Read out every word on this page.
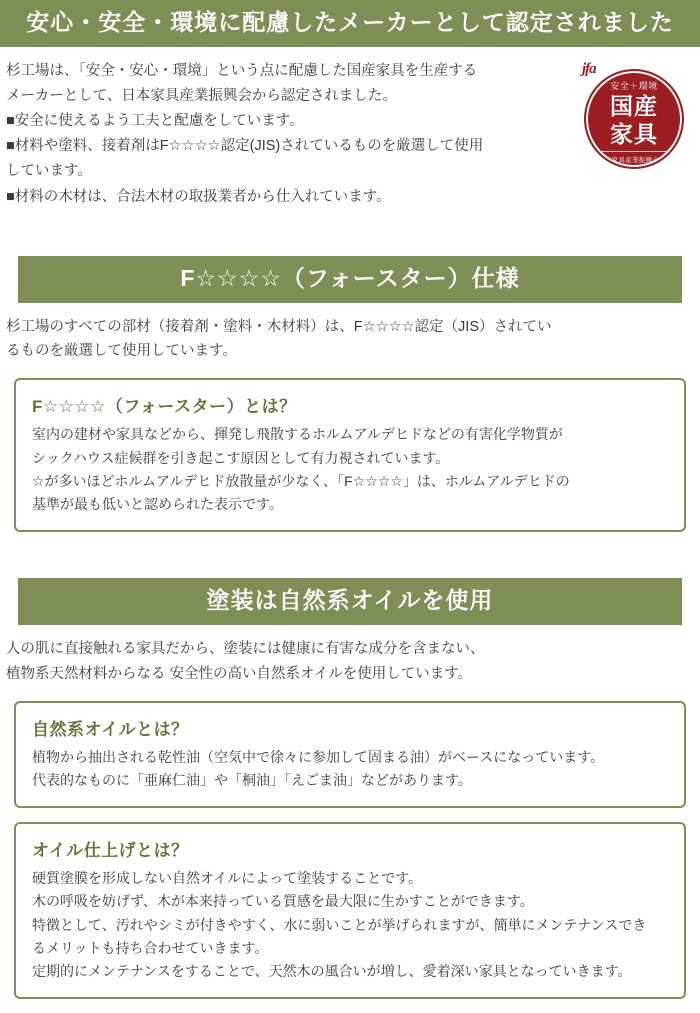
安心・安全・環境に配慮したメーカーとして認定されました

杉工場は、「安全・安心・環境」という点に配慮した国産家具を生産する

メーカーとして、日本家具産業振興会から認定されました。

■安全に使えるよう工夫と配慮をしています。

■材料や塗料、接着剤はF☆☆☆☆認定(JIS)されているものを厳選して使用

しています。

■材料の木材は、合法木材の取扱業者から仕入れています。

jfa
安全＋環境
国産
家具
日本家具産業振興会認定証
F☆☆☆☆（フォースター）仕様

杉工場のすべての部材（接着剤・塗料・木材料）は、F☆☆☆☆認定（JIS）されてい

るものを厳選して使用しています。

F☆☆☆☆（フォースター）とは？

室内の建材や家具などから、揮発し飛散するホルムアルデヒドなどの有害化学物質が

シックハウス症候群を引き起こす原因として有力視されています。

☆が多いほどホルムアルデヒド放散量が少なく、「F☆☆☆☆」は、ホルムアルデヒドの

基準が最も低いと認められた表示です。

塗装は自然系オイルを使用

人の肌に直接触れる家具だから、塗装には健康に有害な成分を含まない、

植物系天然材料からなる 安全性の高い自然系オイルを使用しています。

自然系オイルとは？

植物から抽出される乾性油（空気中で徐々に参加して固まる油）がベースになっています。

代表的なものに「亜麻仁油」や「桐油」「えごま油」などがあります。

オイル仕上げとは？

硬質塗膜を形成しない自然オイルによって塗装することです。

木の呼吸を妨げず、木が本来持っている質感を最大限に生かすことができます。

特徴として、汚れやシミが付きやすく、水に弱いことが挙げられますが、簡単にメンテナンスでき

るメリットも持ち合わせていきます。

定期的にメンテナンスをすることで、天然木の風合いが増し、愛着深い家具となっていきます。
